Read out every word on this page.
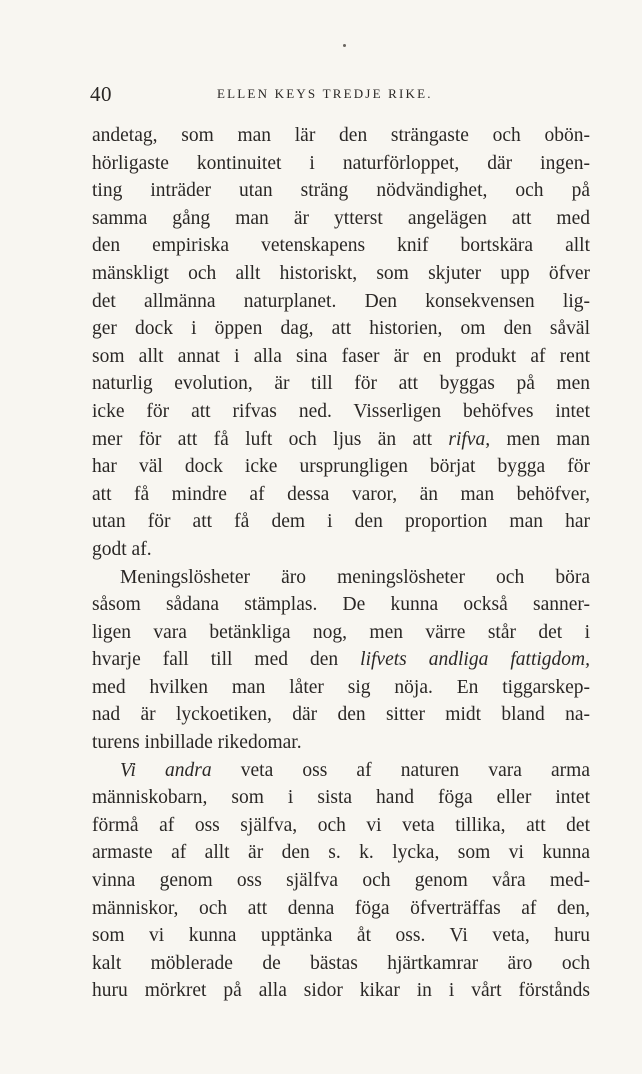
40	ELLEN KEYS TREDJE RIKE.
andetag, som man lär den strängaste och obön-
hörligaste kontinuitet i naturförloppet, där ingen-
ting inträder utan sträng nödvändighet, och på
samma gång man är ytterst angelägen att med
den empiriska vetenskapens knif bortskära allt
mänskligt och allt historiskt, som skjuter upp öfver
det allmänna naturplanet. Den konsekvensen lig-
ger dock i öppen dag, att historien, om den såväl
som allt annat i alla sina faser är en produkt af rent
naturlig evolution, är till för att byggas på men
icke för att rifvas ned. Visserligen behöfves intet
mer för att få luft och ljus än att rifva, men man
har väl dock icke ursprungligen börjat bygga för
att få mindre af dessa varor, än man behöfver,
utan för att få dem i den proportion man har
godt af.
Meningslösheter äro meningslösheter och böra
såsom sådana stämplas. De kunna också sanner-
ligen vara betänkliga nog, men värre står det i
hvarje fall till med den lifvets andliga fattigdom,
med hvilken man låter sig nöja. En tiggarskep-
nad är lyckoetiken, där den sitter midt bland na-
turens inbillade rikedomar.
Vi andra veta oss af naturen vara arma
människobarn, som i sista hand föga eller intet
förmå af oss själfva, och vi veta tillika, att det
armaste af allt är den s. k. lycka, som vi kunna
vinna genom oss själfva och genom våra med-
människor, och att denna föga öfverträffas af den,
som vi kunna upptänka åt oss. Vi veta, huru
kalt möblerade de bästas hjärtkamrar äro och
huru mörkret på alla sidor kikar in i vårt förstånds
